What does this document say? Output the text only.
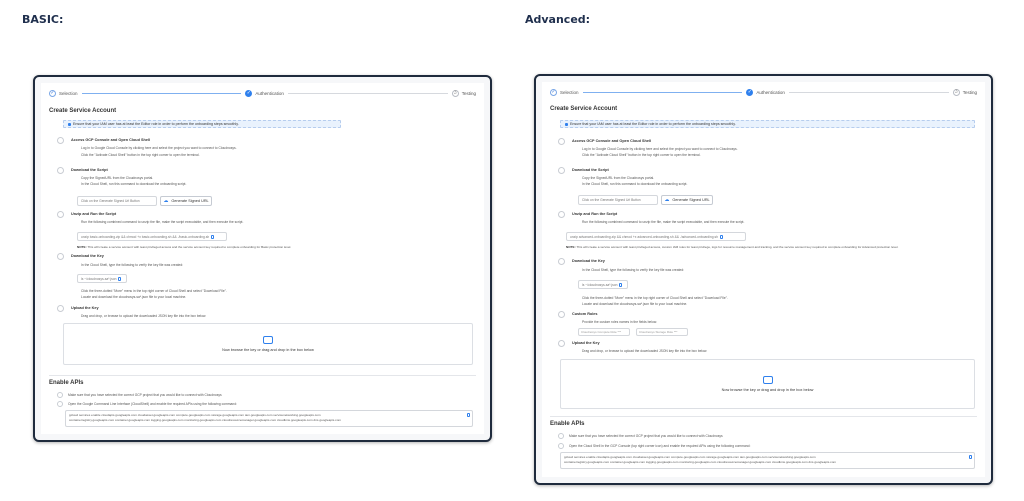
BASIC:	Advanced:
✓ Selection	✓ Authentication	3	Testing
Create Service Account
Ensure that your IAM user has at least the Editor role in order to perform the onboarding steps smoothly.
Access GCP Console and Open Cloud Shell
Log in to Google Cloud Console by clicking here and select the project you want to connect to Cloudnosys.
Click the "Activate Cloud Shell" button in the top right corner to open the terminal.
Download the Script
Copy the SignedURL from the Cloudnosys portal.
In the Cloud Shell, run this command to download the onboarding script.
Click on the Generate Signed Url Button	☁ Generate Signed URL
Unzip and Run the Script
Run the following combined command to unzip the file, make the script executable, and then execute the script.
unzip basic-onboarding.zip && chmod +x basic-onboarding.sh && ./basic-onboarding.sh
NOTE: This will create a service account with least privileged access and the service account key required to complete onboarding for Basic protection level.
Download the Key
In the Cloud Shell, type the following to verify the key file was created:
ls ~/cloudnosys-sa*.json
Click the three-dotted "More" menu in the top right corner of Cloud Shell and select "Download File".
Locate and download the cloudnosys-sa*.json file to your local machine.
Upload the Key
Drag and drop, or browse to upload the downloaded JSON key file into the box below.
Now browse the key or drag and drop in the box below
Enable APIs
Make sure that you have selected the correct GCP project that you would like to connect with Cloudnosys
Open the Google Command Line Interface (CloudShell) and enable the required APIs using the following command:
gcloud services enable cloudapis.googleapis.com cloudasset.googleapis.com compute.googleapis.com storage.googleapis.com iam.googleapis.com servicenetworking.googleapis.com
containerregistry.googleapis.com container.googleapis.com logging.googleapis.com monitoring.googleapis.com cloudresourcemanager.googleapis.com cloudkms.googleapis.com dns.googleapis.com
✓ Selection	✓ Authentication	3	Testing
Create Service Account
Ensure that your IAM user has at least the Editor role in order to perform the onboarding steps smoothly.
Access GCP Console and Open Cloud Shell
Log in to Google Cloud Console by clicking here and select the project you want to connect to Cloudnosys.
Click the "Activate Cloud Shell" button in the top right corner to open the terminal.
Download the Script
Copy the SignedURL from the Cloudnosys portal.
In the Cloud Shell, run this command to download the onboarding script.
Click on the Generate Signed Url Button	☁ Generate Signed URL
Unzip and Run the Script
Run the following combined command to unzip the file, make the script executable, and then execute the script.
unzip advanced-onboarding.zip && chmod +x advanced-onboarding.sh && ./advanced-onboarding.sh
NOTE: This will create a service account with least privileged access, custom IAM roles for least privilege, logs for resource management and tracking, and the service account key required to complete onboarding for Advanced protection level.
Download the Key
In the Cloud Shell, type the following to verify the key file was created:
ls ~/cloudnosys-sa*.json
Click the three-dotted "More" menu in the top right corner of Cloud Shell and select "Download File".
Locate and download the cloudnosys-sa*.json file to your local machine.
Custom Roles
Provide the custom roles names in the fields below.
Cloudnosys Compute Role ***	Cloudnosys Storage Role ***
Upload the Key
Drag and drop, or browse to upload the downloaded JSON key file into the box below.
Now browse the key or drag and drop in the box below
Enable APIs
Make sure that you have selected the correct GCP project that you would like to connect with Cloudnosys
Open the Cloud Shell in the GCP Console (top right corner icon) and enable the required APIs using the following command:
gcloud services enable cloudapis.googleapis.com cloudasset.googleapis.com compute.googleapis.com storage.googleapis.com iam.googleapis.com servicenetworking.googleapis.com
containerregistry.googleapis.com container.googleapis.com logging.googleapis.com monitoring.googleapis.com cloudresourcemanager.googleapis.com cloudkms.googleapis.com dns.googleapis.com
